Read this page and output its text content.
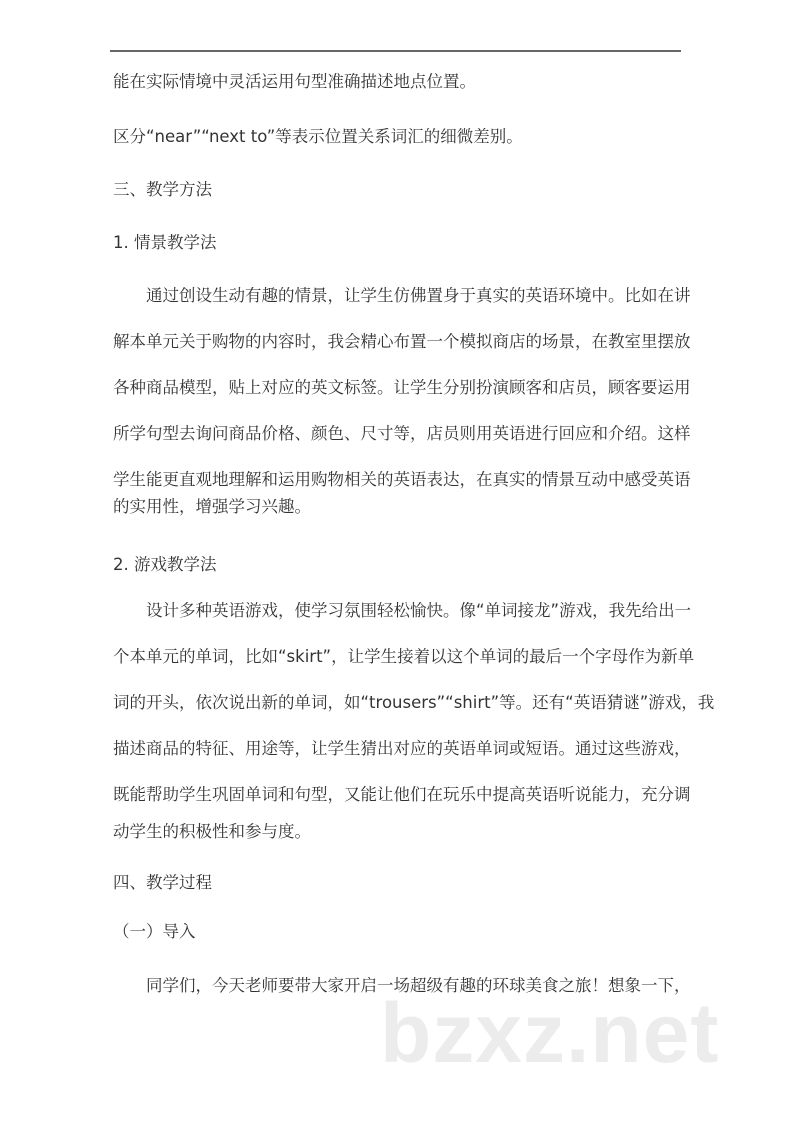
能在实际情境中灵活运用句型准确描述地点位置。
区分“near”“next to”等表示位置关系词汇的细微差别。
三、教学方法
1. 情景教学法
通过创设生动有趣的情景，让学生仿佛置身于真实的英语环境中。比如在讲
解本单元关于购物的内容时，我会精心布置一个模拟商店的场景，在教室里摆放
各种商品模型，贴上对应的英文标签。让学生分别扮演顾客和店员，顾客要运用
所学句型去询问商品价格、颜色、尺寸等，店员则用英语进行回应和介绍。这样
学生能更直观地理解和运用购物相关的英语表达，在真实的情景互动中感受英语
的实用性，增强学习兴趣。
2. 游戏教学法
设计多种英语游戏，使学习氛围轻松愉快。像“单词接龙”游戏，我先给出一
个本单元的单词，比如“skirt”，让学生接着以这个单词的最后一个字母作为新单
词的开头，依次说出新的单词，如“trousers”“shirt”等。还有“英语猜谜”游戏，我
描述商品的特征、用途等，让学生猜出对应的英语单词或短语。通过这些游戏，
既能帮助学生巩固单词和句型，又能让他们在玩乐中提高英语听说能力，充分调
动学生的积极性和参与度。
四、教学过程
（一）导入
同学们，今天老师要带大家开启一场超级有趣的环球美食之旅！想象一下，
bzxz.net
